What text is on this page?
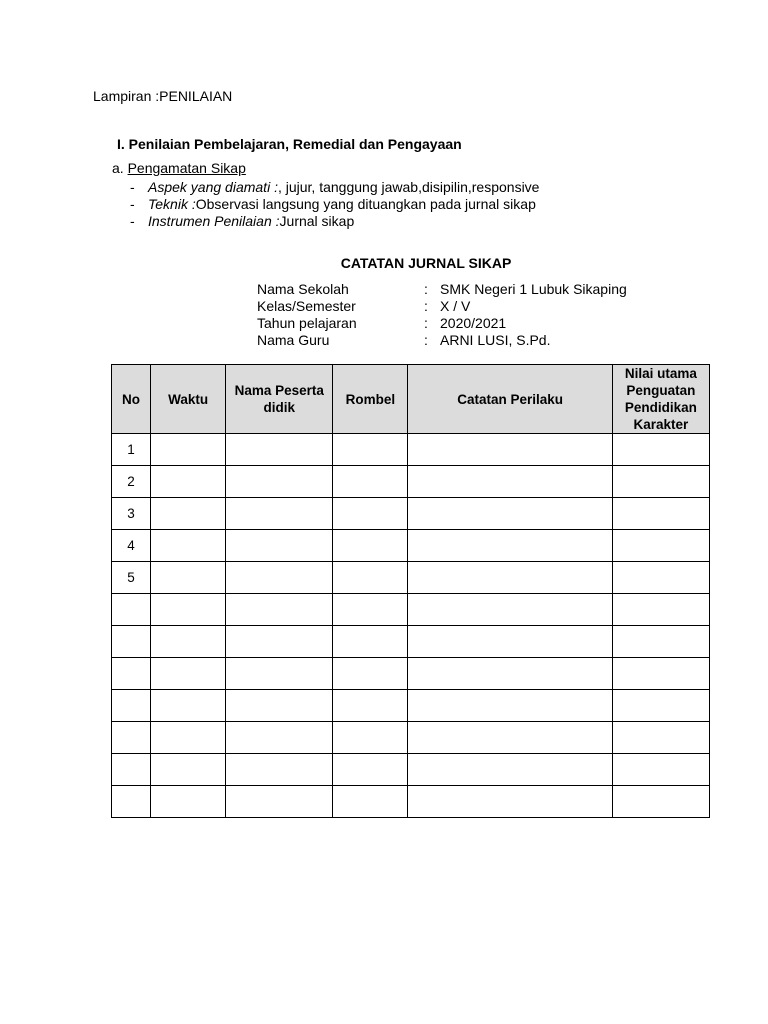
Lampiran :PENILAIAN
I. Penilaian Pembelajaran, Remedial dan Pengayaan
a. Pengamatan Sikap
- Aspek yang diamati :, jujur, tanggung jawab,disipilin,responsive
- Teknik :Observasi langsung yang dituangkan pada jurnal sikap
- Instrumen Penilaian :Jurnal sikap
CATATAN JURNAL SIKAP
Nama Sekolah	: SMK Negeri 1 Lubuk Sikaping
Kelas/Semester	: X / V
Tahun pelajaran	: 2020/2021
Nama Guru	: ARNI LUSI, S.Pd.
No	Waktu	Nama Peserta didik	Rombel	Catatan Perilaku	Nilai utama Penguatan Pendidikan Karakter
1					
2					
3					
4					
5					
